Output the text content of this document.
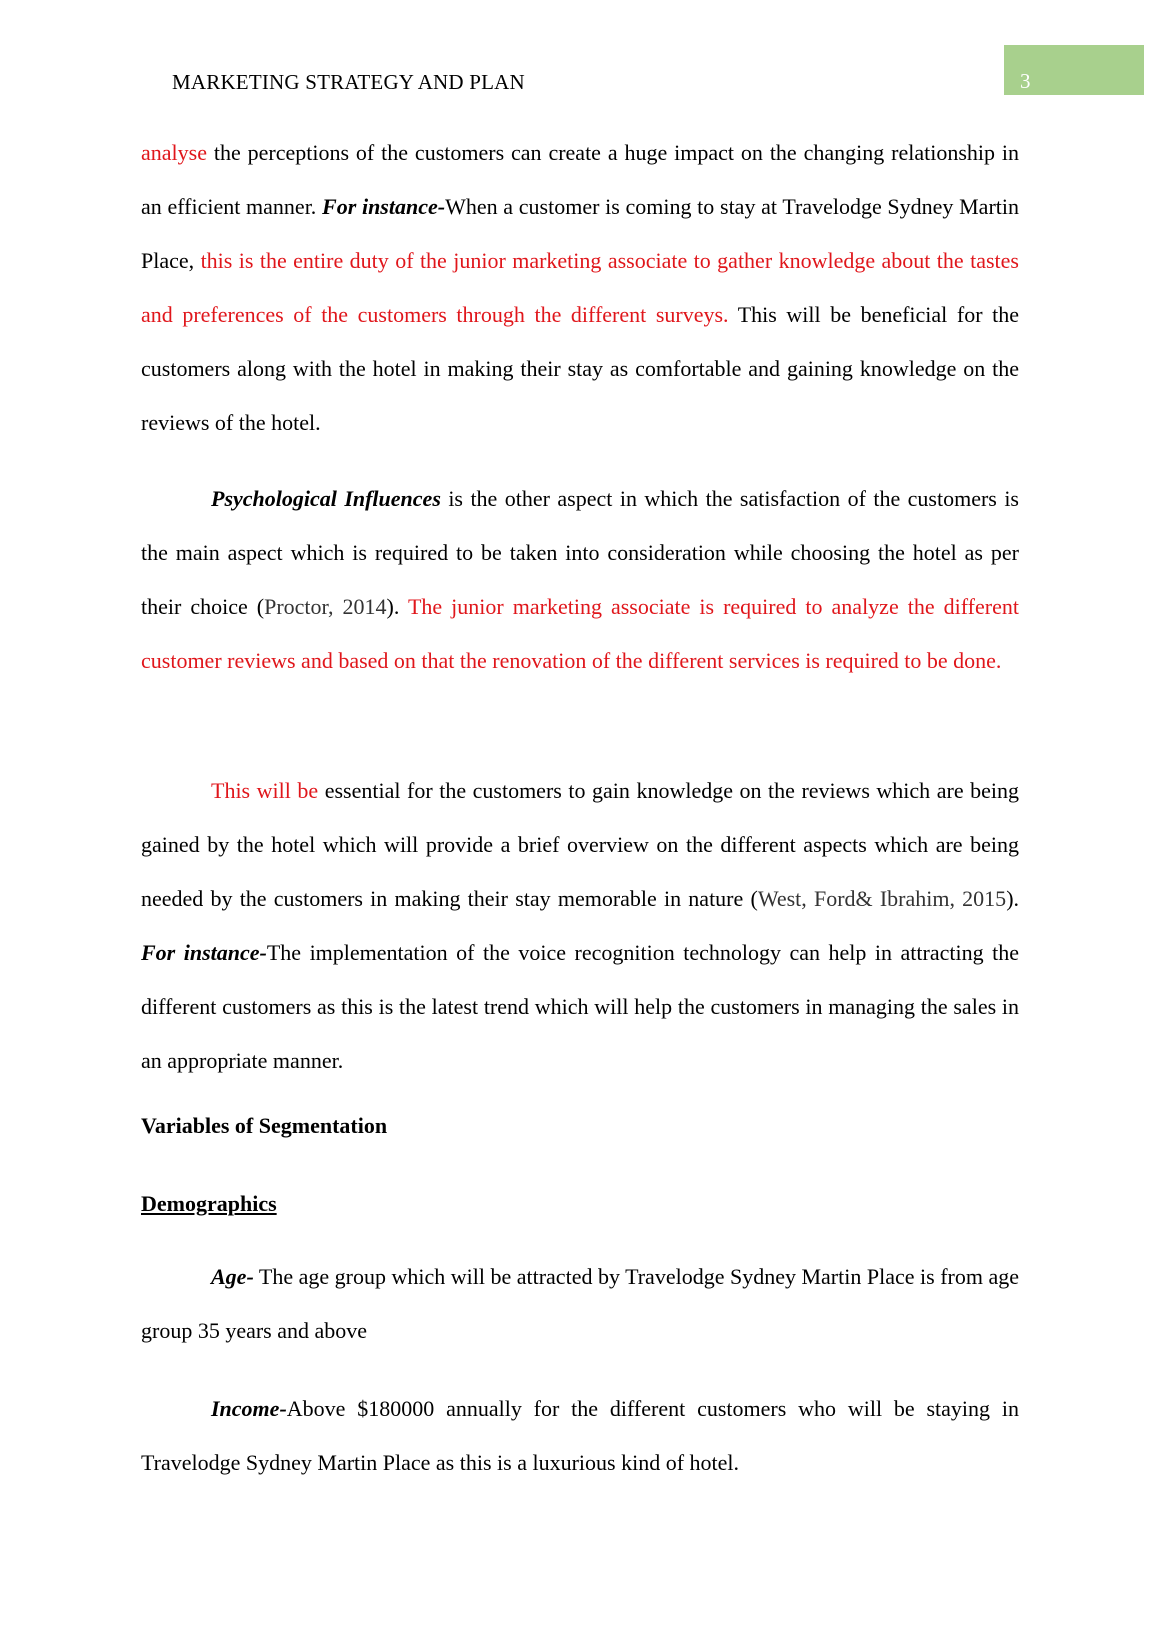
MARKETING STRATEGY AND PLAN	3

analyse the perceptions of the customers can create a huge impact on the changing relationship in an efficient manner. For instance-When a customer is coming to stay at Travelodge Sydney Martin Place, this is the entire duty of the junior marketing associate to gather knowledge about the tastes and preferences of the customers through the different surveys. This will be beneficial for the customers along with the hotel in making their stay as comfortable and gaining knowledge on the reviews of the hotel.

Psychological Influences is the other aspect in which the satisfaction of the customers is the main aspect which is required to be taken into consideration while choosing the hotel as per their choice (Proctor, 2014). The junior marketing associate is required to analyze the different customer reviews and based on that the renovation of the different services is required to be done.

This will be essential for the customers to gain knowledge on the reviews which are being gained by the hotel which will provide a brief overview on the different aspects which are being needed by the customers in making their stay memorable in nature (West, Ford& Ibrahim, 2015). For instance-The implementation of the voice recognition technology can help in attracting the different customers as this is the latest trend which will help the customers in managing the sales in an appropriate manner.

Variables of Segmentation
Demographics

Age- The age group which will be attracted by Travelodge Sydney Martin Place is from age group 35 years and above

Income-Above $180000 annually for the different customers who will be staying in Travelodge Sydney Martin Place as this is a luxurious kind of hotel.
